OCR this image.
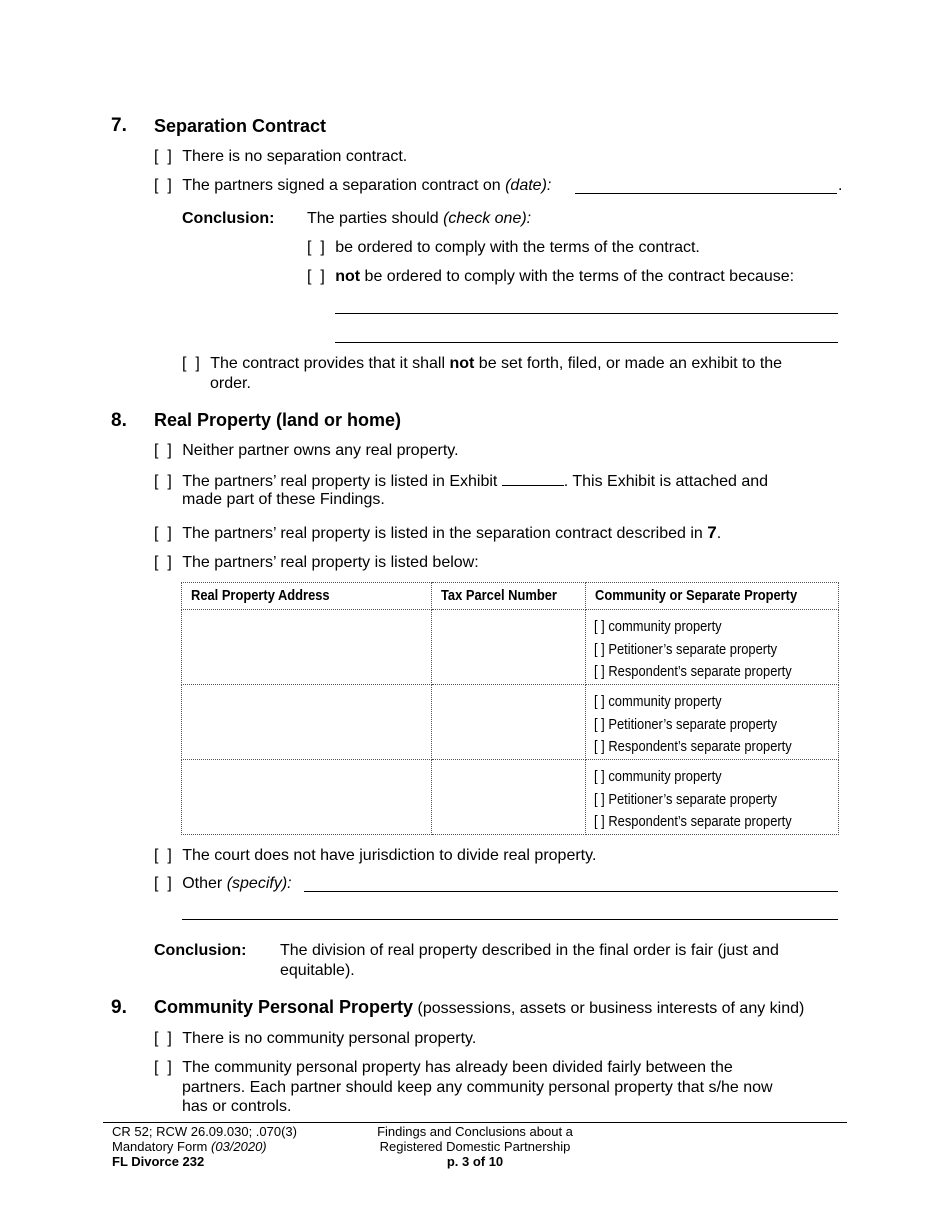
7. Separation Contract
[  ] There is no separation contract.
[  ] The partners signed a separation contract on (date):	.
Conclusion: The parties should (check one):
[  ] be ordered to comply with the terms of the contract.
[  ] not be ordered to comply with the terms of the contract because:
[  ] The contract provides that it shall not be set forth, filed, or made an exhibit to the
order.
8. Real Property (land or home)
[  ] Neither partner owns any real property.
[  ] The partners’ real property is listed in Exhibit	. This Exhibit is attached and
made part of these Findings.
[  ] The partners’ real property is listed in the separation contract described in 7.
[  ] The partners’ real property is listed below:
Real Property Address	Tax Parcel Number	Community or Separate Property

		[ ] community property
[ ] Petitioner’s separate property
[ ] Respondent’s separate property

		[ ] community property
[ ] Petitioner’s separate property
[ ] Respondent’s separate property

		[ ] community property
[ ] Petitioner’s separate property
[ ] Respondent’s separate property
[  ] The court does not have jurisdiction to divide real property.
[  ] Other (specify):
Conclusion: The division of real property described in the final order is fair (just and
equitable).
9. Community Personal Property (possessions, assets or business interests of any kind)
[  ] There is no community personal property.
[  ] The community personal property has already been divided fairly between the
partners. Each partner should keep any community personal property that s/he now
has or controls.
CR 52; RCW 26.09.030; .070(3)
Mandatory Form (03/2020)
FL Divorce 232
Findings and Conclusions about a
Registered Domestic Partnership
p. 3 of 10
